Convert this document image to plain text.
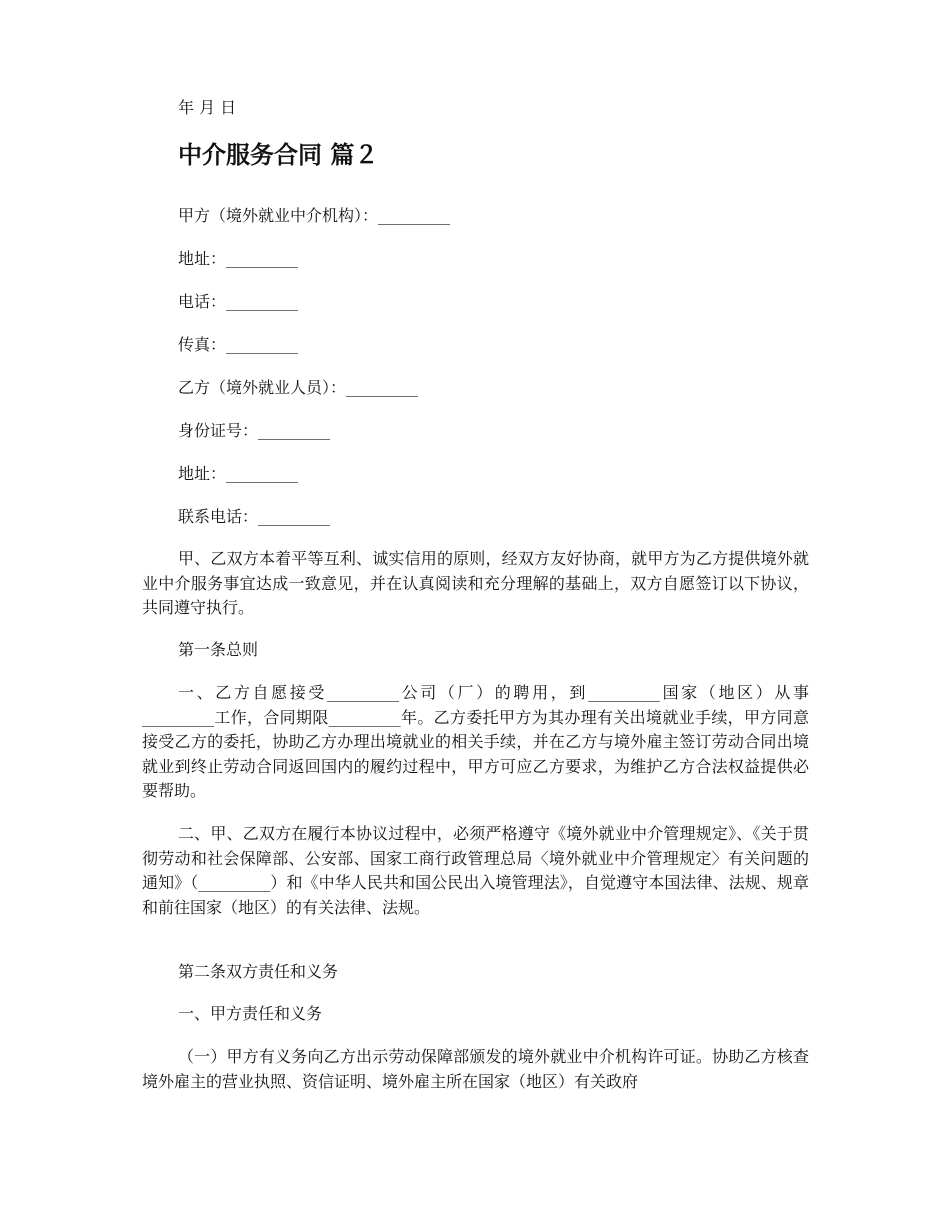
年 月 日
中介服务合同 篇２
甲方（境外就业中介机构）：_________
地址：_________
电话：_________
传真：_________
乙方（境外就业人员）：_________
身份证号：_________
地址：_________
联系电话：_________
甲、乙双方本着平等互利、诚实信用的原则，经双方友好协商，就甲方为乙方提供境外就业中介服务事宜达成一致意见，并在认真阅读和充分理解的基础上，双方自愿签订以下协议，共同遵守执行。
第一条总则
一、乙方自愿接受_________公司（厂）的聘用，到_________国家（地区）从事_________工作，合同期限_________年。乙方委托甲方为其办理有关出境就业手续，甲方同意接受乙方的委托，协助乙方办理出境就业的相关手续，并在乙方与境外雇主签订劳动合同出境就业到终止劳动合同返回国内的履约过程中，甲方可应乙方要求，为维护乙方合法权益提供必要帮助。
二、甲、乙双方在履行本协议过程中，必须严格遵守《境外就业中介管理规定》、《关于贯彻劳动和社会保障部、公安部、国家工商行政管理总局〈境外就业中介管理规定〉有关问题的通知》（_________）和《中华人民共和国公民出入境管理法》，自觉遵守本国法律、法规、规章和前往国家（地区）的有关法律、法规。
第二条双方责任和义务
一、甲方责任和义务
（一）甲方有义务向乙方出示劳动保障部颁发的境外就业中介机构许可证。协助乙方核查境外雇主的营业执照、资信证明、境外雇主所在国家（地区）有关政府
